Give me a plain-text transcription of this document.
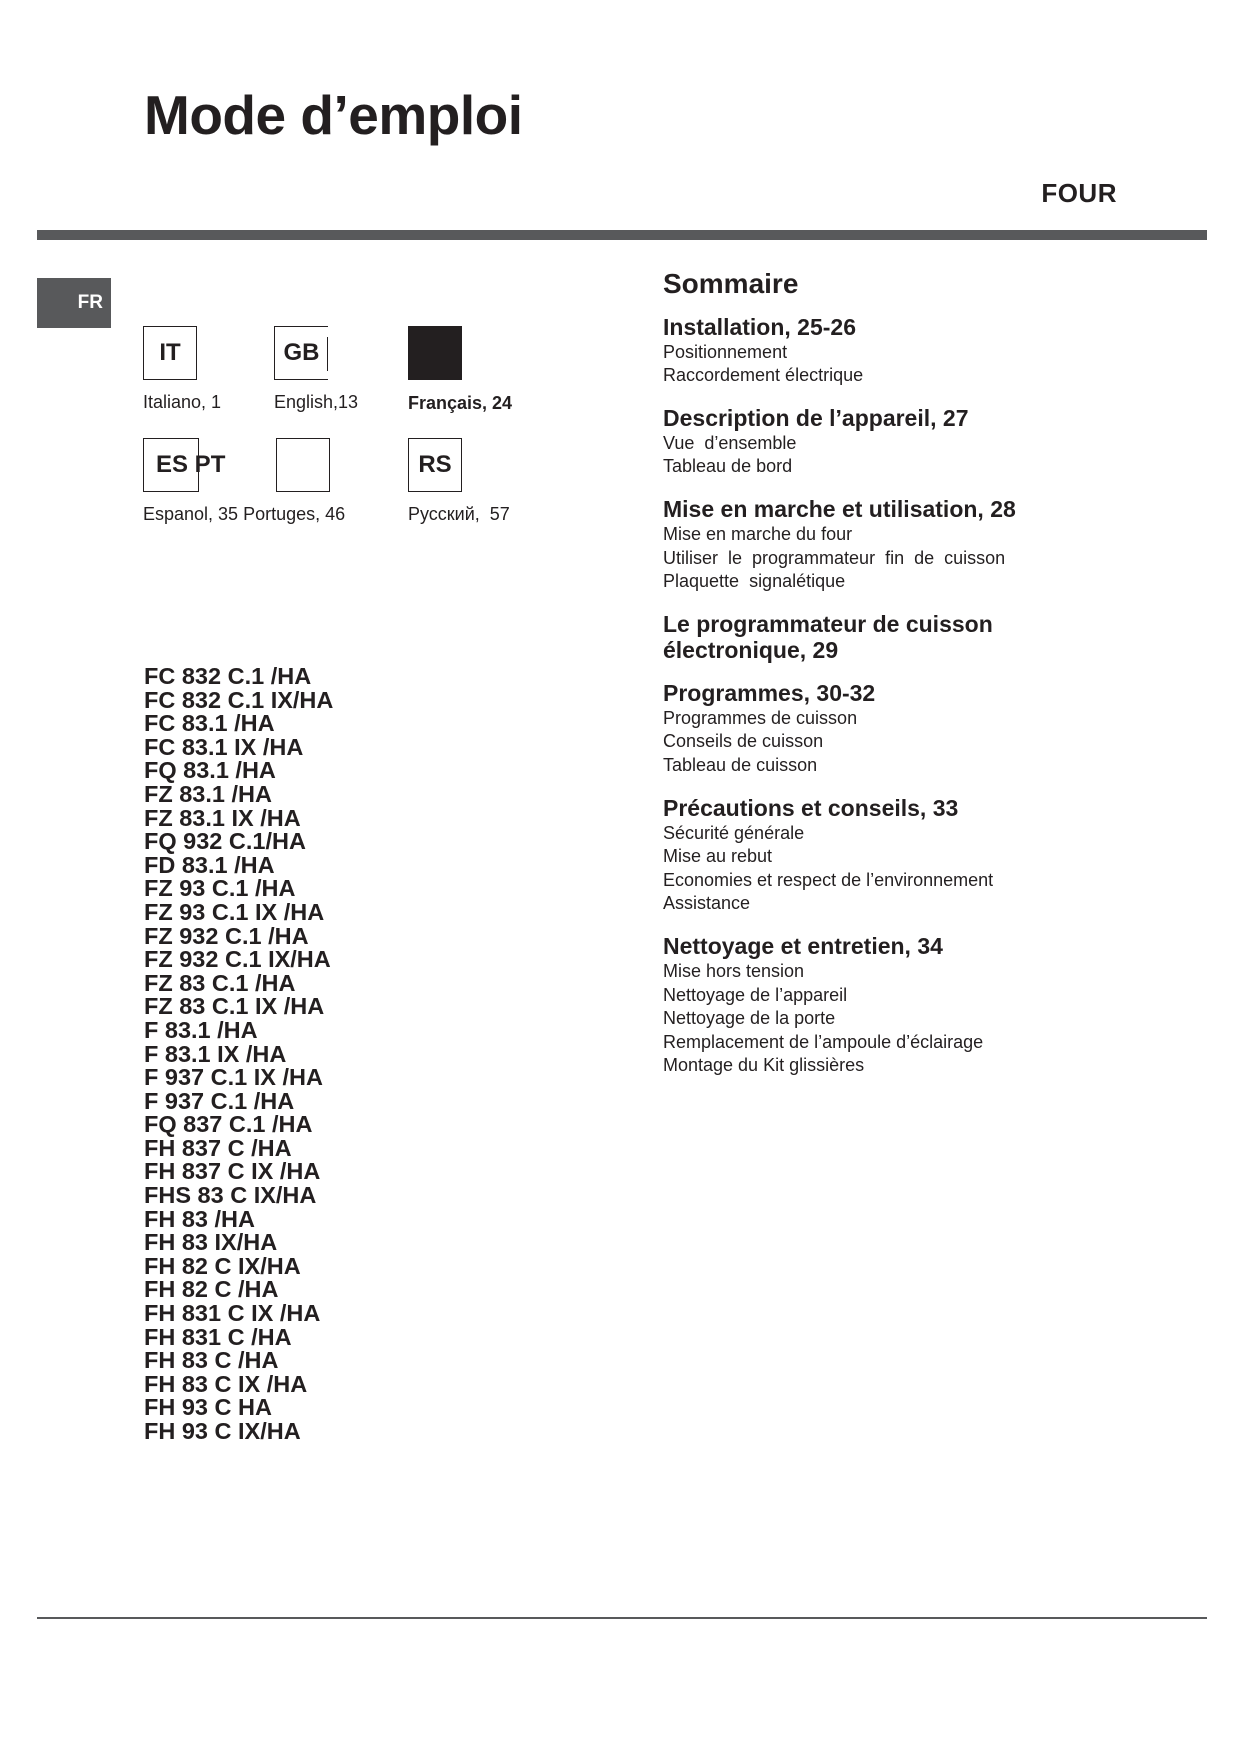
Mode d’emploi
FOUR
FR
IT	GB
Italiano, 1	English,13	Français, 24
ES PT	RS
Espanol, 35 Portuges, 46	Русский,  57
FC 832 C.1 /HA
FC 832 C.1 IX/HA
FC 83.1 /HA
FC 83.1 IX /HA
FQ 83.1 /HA
FZ 83.1 /HA
FZ 83.1 IX /HA
FQ 932 C.1/HA
FD 83.1 /HA
FZ 93 C.1 /HA
FZ 93 C.1 IX /HA
FZ 932 C.1 /HA
FZ 932 C.1 IX/HA
FZ 83 C.1 /HA
FZ 83 C.1 IX /HA
F 83.1 /HA
F 83.1 IX /HA
F 937 C.1 IX /HA
F 937 C.1 /HA
FQ 837 C.1 /HA
FH 837 C /HA
FH 837 C IX /HA
FHS 83 C IX/HA
FH 83 /HA
FH 83 IX/HA
FH 82 C IX/HA
FH 82 C /HA
FH 831 C IX /HA
FH 831 C /HA
FH 83 C /HA
FH 83 C IX /HA
FH 93 C HA
FH 93 C IX/HA
Sommaire
Installation, 25-26
Positionnement
Raccordement électrique
Description de l’appareil, 27
Vue  d’ensemble
Tableau de bord
Mise en marche et utilisation, 28
Mise en marche du four
Utiliser  le  programmateur  fin  de  cuisson
Plaquette  signalétique
Le programmateur de cuisson
électronique, 29
Programmes, 30-32
Programmes de cuisson
Conseils de cuisson
Tableau de cuisson
Précautions et conseils, 33
Sécurité générale
Mise au rebut
Economies et respect de l’environnement
Assistance
Nettoyage et entretien, 34
Mise hors tension
Nettoyage de l’appareil
Nettoyage de la porte
Remplacement de l’ampoule d’éclairage
Montage du Kit glissières
